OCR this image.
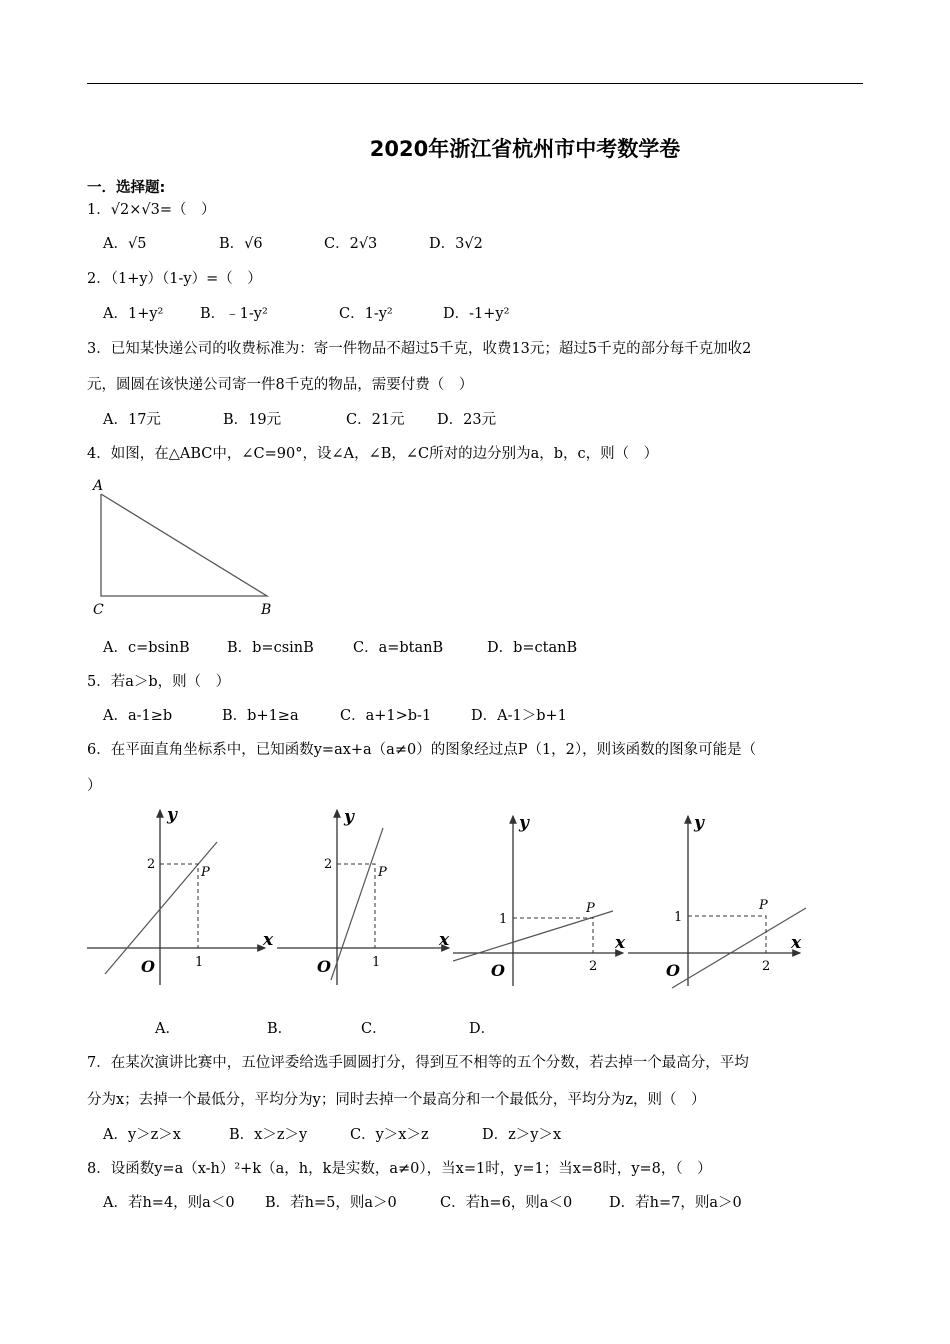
2020年浙江省杭州市中考数学卷
一．选择题:
1．√2×√3=（　）
A．√5	B．√6	C．2√3	D．3√2
2．（1+y）（1-y）=（　）
A．1+y²	B．﹣1-y²	C．1-y²	D．-1+y²
3．已知某快递公司的收费标准为：寄一件物品不超过5千克，收费13元；超过5千克的部分每千克加收2
元，圆圆在该快递公司寄一件8千克的物品，需要付费（　）
A．17元	B．19元	C．21元 D．23元
4．如图，在△ABC中，∠C=90°，设∠A，∠B，∠C所对的边分别为a，b，c，则（　）
A
C	B
A．c=bsinB	B．b=csinB	C．a=btanB	D．b=ctanB
5．若a＞b，则（　）
A．a-1≥b	B．b+1≥a	C．a+1>b-1	D．A-1＞b+1
6．在平面直角坐标系中，已知函数y=ax+a（a≠0）的图象经过点P（1，2），则该函数的图象可能是（
）
y
x
O
P
2
1
y
x
O
P
2
1
y
x
O
P
1
2
y
x
O
P
1
2
A．	B．	C．	D．
7．在某次演讲比赛中，五位评委给选手圆圆打分，得到互不相等的五个分数，若去掉一个最高分，平均
分为x；去掉一个最低分，平均分为y；同时去掉一个最高分和一个最低分，平均分为z，则（　）
A．y＞z＞x	B．x＞z＞y	C．y＞x＞z	D．z＞y＞x
8．设函数y=a（x-h）²+k（a，h，k是实数，a≠0），当x=1时，y=1；当x=8时，y=8，（　）
A．若h=4，则a＜0 B．若h=5，则a＞0	C．若h=6，则a＜0	D．若h=7，则a＞0
